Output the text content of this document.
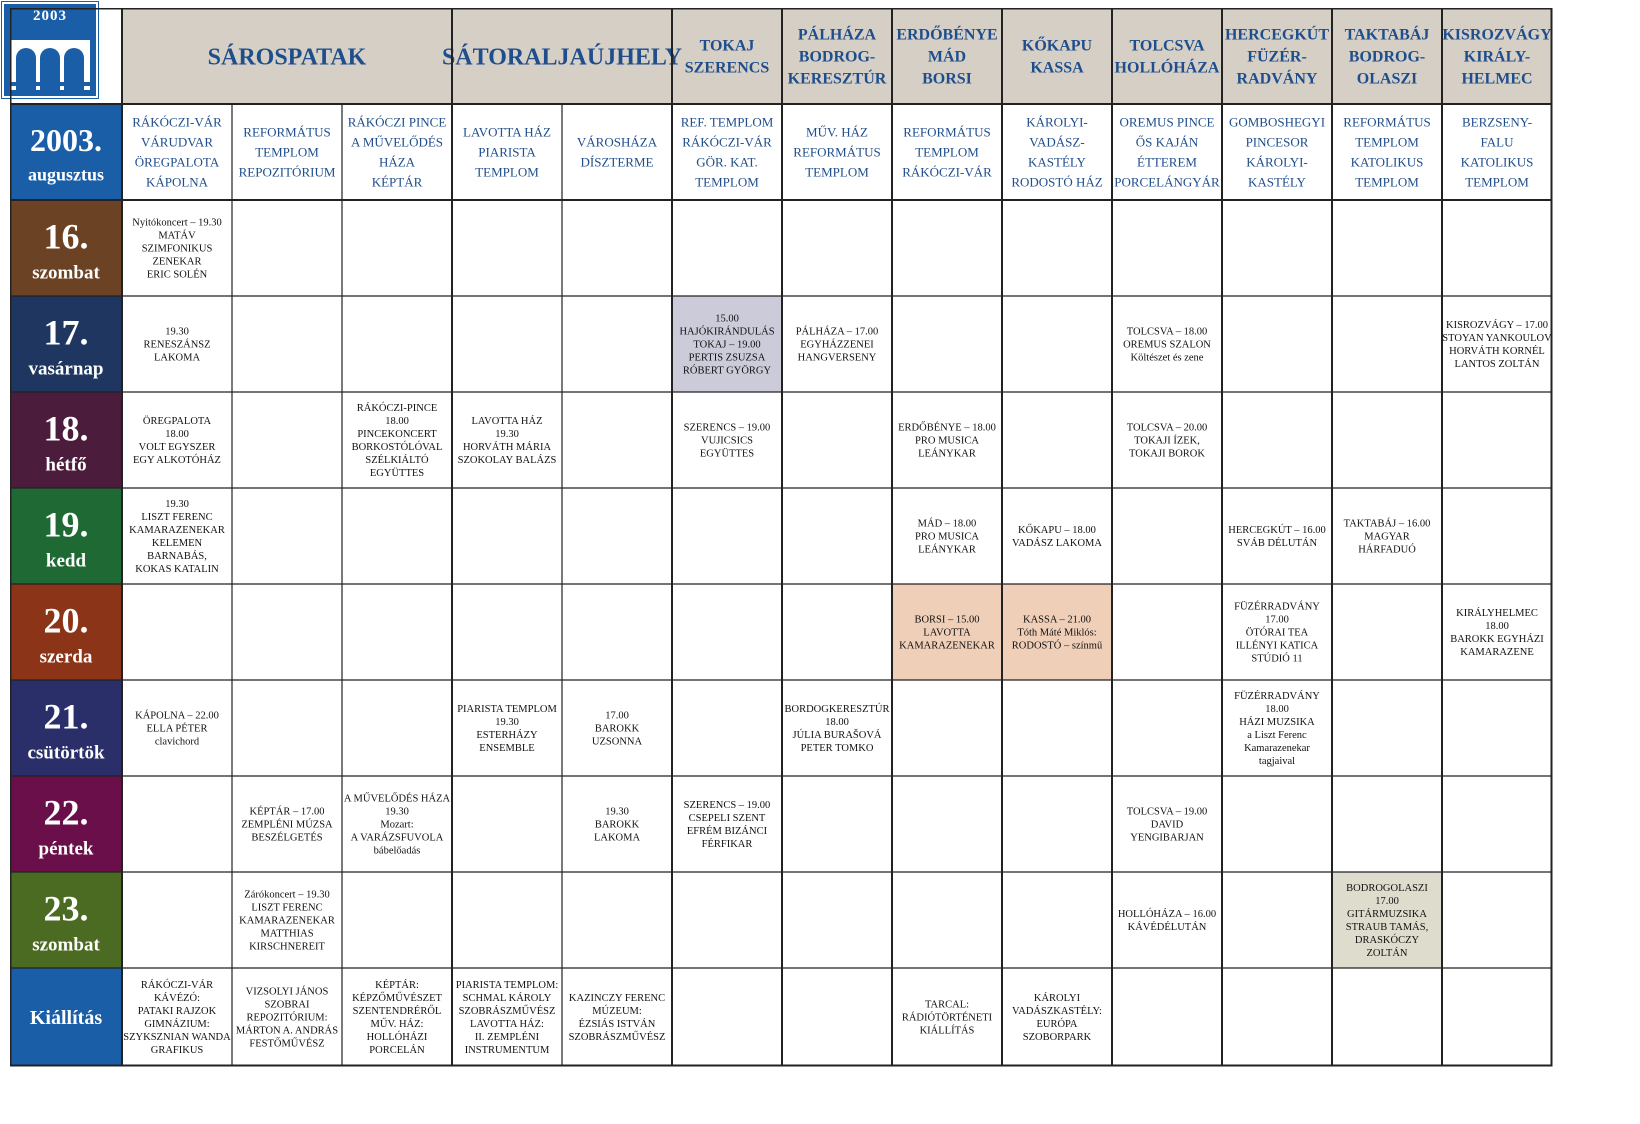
2003
SÁROSPATAK	SÁTORALJAÚJHELY	TOKAJ SZERENCS
PÁLHÁZA BODROG-KERESZTÚR
ERDŐBÉNYE MÁD BORSI
KŐKAPU KASSA
TOLCSVA HOLLÓHÁZA
HERCEGKÚT FÜZÉR-RADVÁNY
TAKTABÁJ BODROG-OLASZI
KISROZVÁGY KIRÁLY-HELMEC
2003.
augusztus
RÁKÓCZI-VÁR VÁRUDVAR ÖREGPALOTA KÁPOLNA
REFORMÁTUS TEMPLOM REPOZITÓRIUM
RÁKÓCZI PINCE A MŰVELŐDÉS HÁZA KÉPTÁR
LAVOTTA HÁZ PIARISTA TEMPLOM
VÁROSHÁZA DÍSZTERME
REF. TEMPLOM RÁKÓCZI-VÁR GÖR. KAT. TEMPLOM
MŰV. HÁZ REFORMÁTUS TEMPLOM
REFORMÁTUS TEMPLOM RÁKÓCZI-VÁR
KÁROLYI-VADÁSZ-KASTÉLY RODOSTÓ HÁZ
OREMUS PINCE ŐS KAJÁN ÉTTEREM PORCELÁNGYÁR
GOMBOSHEGYI PINCESOR KÁROLYI-KASTÉLY
REFORMÁTUS TEMPLOM KATOLIKUS TEMPLOM
BERZSENY-FALU KATOLIKUS TEMPLOM
16.
szombat
Nyitókoncert – 19.30 MATÁV SZIMFONIKUS ZENEKAR ERIC SOLÉN
17.
vasárnap
19.30 RENESZÁNSZ LAKOMA
15.00 HAJÓKIRÁNDULÁS TOKAJ – 19.00 PERTIS ZSUZSA RÓBERT GYÖRGY
PÁLHÁZA – 17.00 EGYHÁZZENEI HANGVERSENY
TOLCSVA – 18.00 OREMUS SZALON Költészet és zene
KISROZVÁGY – 17.00 STOYAN YANKOULOV HORVÁTH KORNÉL LANTOS ZOLTÁN
18.
hétfő
ÖREGPALOTA 18.00 VOLT EGYSZER EGY ALKOTÓHÁZ
RÁKÓCZI-PINCE 18.00 PINCEKONCERT BORKOSTÓLÓVAL SZÉLKIÁLTÓ EGYÜTTES
LAVOTTA HÁZ 19.30 HORVÁTH MÁRIA SZOKOLAY BALÁZS
SZERENCS – 19.00 VUJICSICS EGYÜTTES
ERDŐBÉNYE – 18.00 PRO MUSICA LEÁNYKAR
TOLCSVA – 20.00 TOKAJI ÍZEK, TOKAJI BOROK
19.
kedd
19.30 LISZT FERENC KAMARAZENEKAR KELEMEN BARNABÁS, KOKAS KATALIN
MÁD – 18.00 PRO MUSICA LEÁNYKAR
KŐKAPU – 18.00 VADÁSZ LAKOMA
HERCEGKÚT – 16.00 SVÁB DÉLUTÁN
TAKTABÁJ – 16.00 MAGYAR HÁRFADUÓ
20.
szerda
BORSI – 15.00 LAVOTTA KAMARAZENEKAR
KASSA – 21.00 Tóth Máté Miklós: RODOSTÓ – színmű
FÜZÉRRADVÁNY 17.00 ÖTÓRAI TEA ILLÉNYI KATICA STÚDIÓ 11
KIRÁLYHELMEC 18.00 BAROKK EGYHÁZI KAMARAZENE
21.
csütörtök
KÁPOLNA – 22.00 ELLA PÉTER clavichord
PIARISTA TEMPLOM 19.30 ESTERHÁZY ENSEMBLE
17.00 BAROKK UZSONNA
BORDOGKERESZTÚR 18.00 JÚLIA BURAŠOVÁ PETER TOMKO
FÜZÉRRADVÁNY 18.00 HÁZI MUZSIKA a Liszt Ferenc Kamarazenekar tagjaival
22.
péntek
KÉPTÁR – 17.00 ZEMPLÉNI MÚZSA BESZÉLGETÉS
A MŰVELŐDÉS HÁZA 19.30 Mozart: A VARÁZSFUVOLA bábelőadás
19.30 BAROKK LAKOMA
SZERENCS – 19.00 CSEPELI SZENT EFRÉM BIZÁNCI FÉRFIKAR
TOLCSVA – 19.00 DAVID YENGIBARJAN
23.
szombat
Zárókoncert – 19.30 LISZT FERENC KAMARAZENEKAR MATTHIAS KIRSCHNEREIT
HOLLÓHÁZA – 16.00 KÁVÉDÉLUTÁN
BODROGOLASZI 17.00 GITÁRMUZSIKA STRAUB TAMÁS, DRASKÓCZY ZOLTÁN
Kiállítás
RÁKÓCZI-VÁR KÁVÉZÓ: PATAKI RAJZOK GIMNÁZIUM: SZYKSZNIAN WANDA GRAFIKUS
VIZSOLYI JÁNOS SZOBRAI REPOZITÓRIUM: MÁRTON A. ANDRÁS FESTŐMŰVÉSZ
KÉPTÁR: KÉPZŐMŰVÉSZET SZENTENDRÉRŐL MŰV. HÁZ: HOLLÓHÁZI PORCELÁN
PIARISTA TEMPLOM: SCHMAL KÁROLY SZOBRÁSZMŰVÉSZ LAVOTTA HÁZ: II. ZEMPLÉNI INSTRUMENTUM
KAZINCZY FERENC MÚZEUM: ÉZSIÁS ISTVÁN SZOBRÁSZMŰVÉSZ
TARCAL: RÁDIÓTÖRTÉNETI KIÁLLÍTÁS
KÁROLYI VADÁSZKASTÉLY: EURÓPA SZOBORPARK
